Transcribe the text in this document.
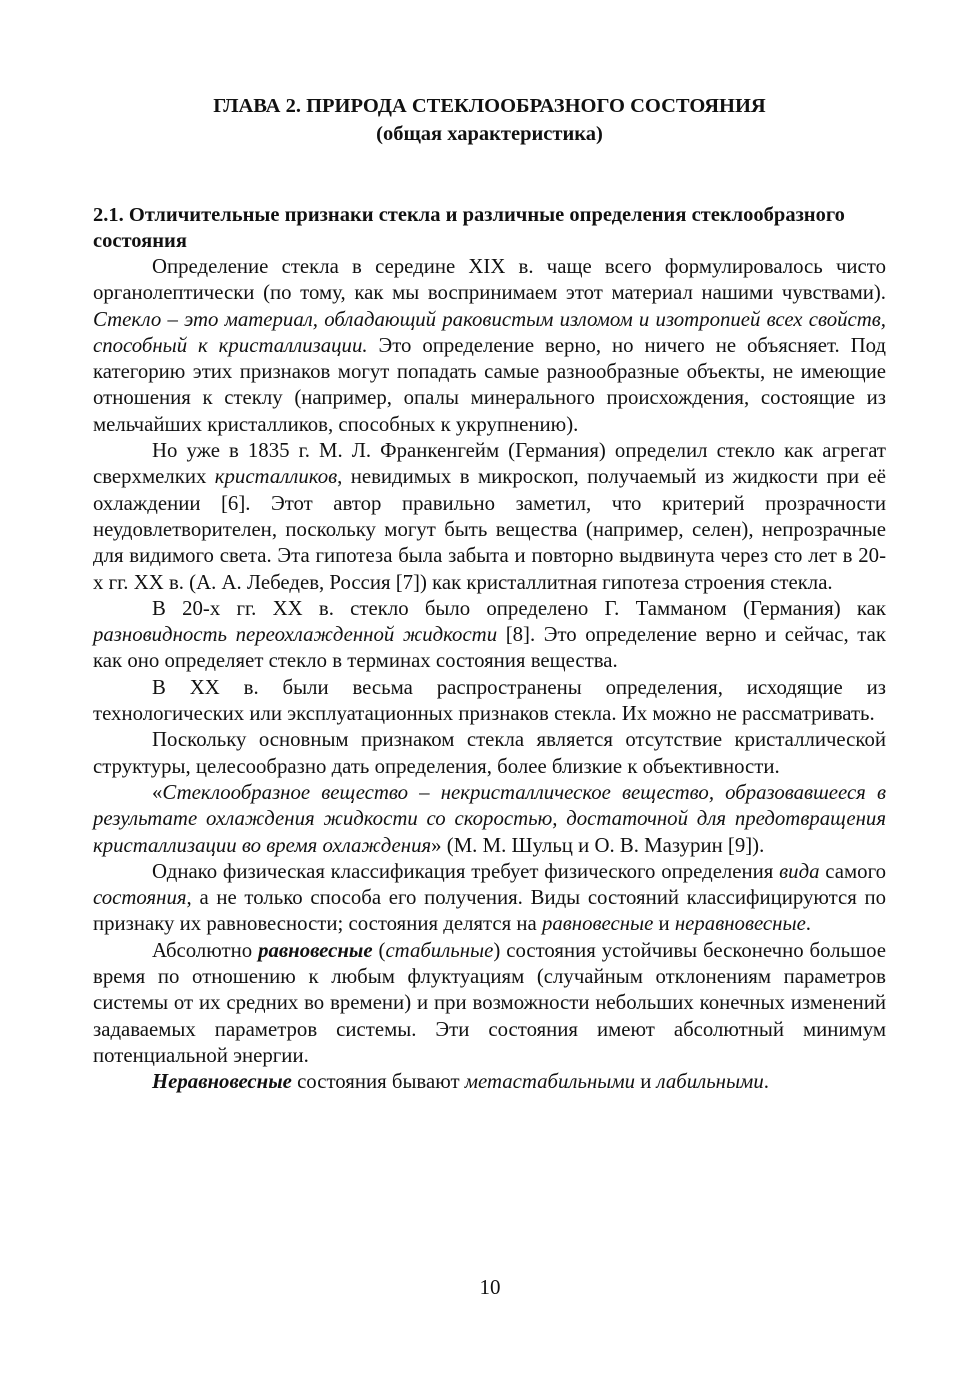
ГЛАВА 2. ПРИРОДА СТЕКЛООБРАЗНОГО СОСТОЯНИЯ
(общая характеристика)
2.1. Отличительные признаки стекла и различные определения стеклообразного состояния

Определение стекла в середине XIX в. чаще всего формулировалось чисто органолептически (по тому, как мы воспринимаем этот материал нашими чувствами). Стекло – это материал, обладающий раковистым изломом и изотропией всех свойств, способный к кристаллизации. Это определение верно, но ничего не объясняет. Под категорию этих признаков могут попадать самые разнообразные объекты, не имеющие отношения к стеклу (например, опалы минерального происхождения, состоящие из мельчайших кристалликов, способных к укрупнению).

Но уже в 1835 г. М. Л. Франкенгейм (Германия) определил стекло как агрегат сверхмелких кристалликов, невидимых в микроскоп, получаемый из жидкости при её охлаждении [6]. Этот автор правильно заметил, что критерий прозрачности неудовлетворителен, поскольку могут быть вещества (например, селен), непрозрачные для видимого света. Эта гипотеза была забыта и повторно выдвинута через сто лет в 20-х гг. XX в. (А. А. Лебедев, Россия [7]) как кристаллитная гипотеза строения стекла.

В 20-х гг. XX в. стекло было определено Г. Тамманом (Германия) как разновидность переохлажденной жидкости [8]. Это определение верно и сейчас, так как оно определяет стекло в терминах состояния вещества.

В XX в. были весьма распространены определения, исходящие из технологических или эксплуатационных признаков стекла. Их можно не рассматривать.

Поскольку основным признаком стекла является отсутствие кристаллической структуры, целесообразно дать определения, более близкие к объективности.

«Стеклообразное вещество – некристаллическое вещество, образовавшееся в результате охлаждения жидкости со скоростью, достаточной для предотвращения кристаллизации во время охлаждения» (М. М. Шульц и О. В. Мазурин [9]).

Однако физическая классификация требует физического определения вида самого состояния, а не только способа его получения. Виды состояний классифицируются по признаку их равновесности; состояния делятся на равновесные и неравновесные.

Абсолютно равновесные (стабильные) состояния устойчивы бесконечно большое время по отношению к любым флуктуациям (случайным отклонениям параметров системы от их средних во времени) и при возможности небольших конечных изменений задаваемых параметров системы. Эти состояния имеют абсолютный минимум потенциальной энергии.

Неравновесные состояния бывают метастабильными и лабильными.

10
